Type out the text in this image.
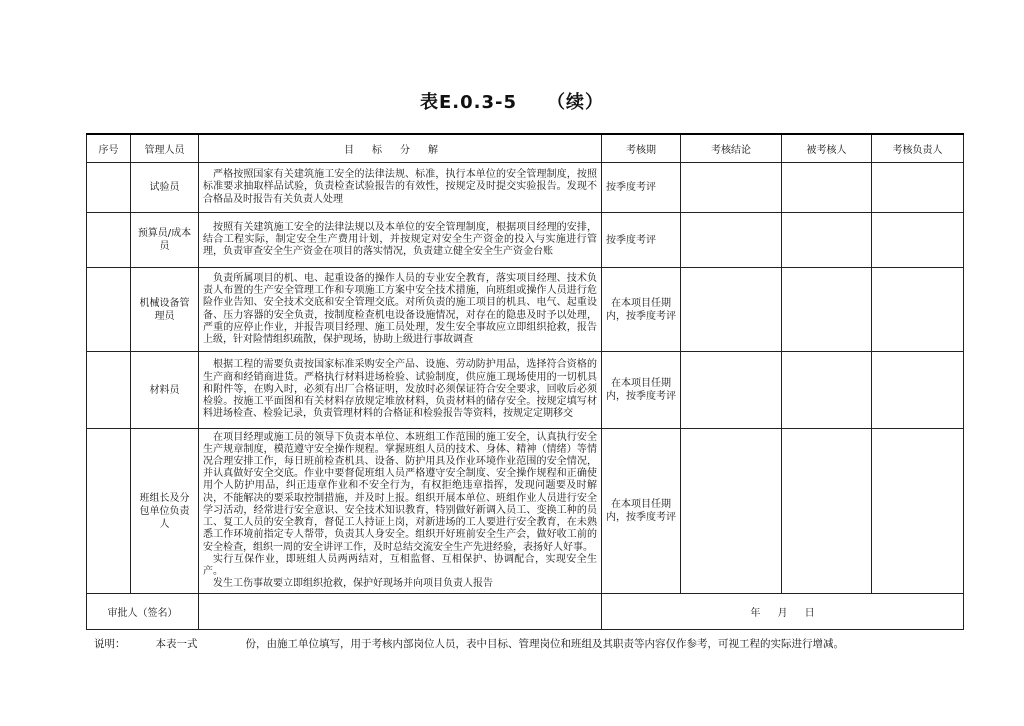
表E.0.3-5 （续）
序号	管理人员	目标分解	考核期	考核结论	被考核人	考核负责人
	试验员	严格按照国家有关建筑施工安全的法律法规、标准，执行本单位的安全管理制度，按照标准要求抽取样品试验，负责检查试验报告的有效性，按规定及时提交实验报告。发现不合格品及时报告有关负责人处理	按季度考评			
	预算员/成本员	按照有关建筑施工安全的法律法规以及本单位的安全管理制度，根据项目经理的安排，结合工程实际，制定安全生产费用计划，并按规定对安全生产资金的投入与实施进行管理，负责审查安全生产资金在项目的落实情况，负责建立健全安全生产资金台账	按季度考评			
	机械设备管理员	负责所属项目的机、电、起重设备的操作人员的专业安全教育，落实项目经理、技术负责人布置的生产安全管理工作和专项施工方案中安全技术措施，向班组或操作人员进行危险作业告知、安全技术交底和安全管理交底。对所负责的施工项目的机具、电气、起重设备、压力容器的安全负责，按制度检查机电设备设施情况，对存在的隐患及时予以处理，严重的应停止作业，并报告项目经理、施工员处理，发生安全事故应立即组织抢救，报告上级，针对险情组织疏散，保护现场，协助上级进行事故调查	在本项目任期内，按季度考评			
	材料员	根据工程的需要负责按国家标准采购安全产品、设施、劳动防护用品，选择符合资格的生产商和经销商进货。严格执行材料进场检验、试验制度，供应施工现场使用的一切机具和附件等，在购入时，必须有出厂合格证明，发放时必须保证符合安全要求，回收后必须检验。按施工平面图和有关材料存放规定堆放材料，负责材料的储存安全。按规定填写材料进场检查、检验记录，负责管理材料的合格证和检验报告等资料，按规定定期移交	在本项目任期内，按季度考评			
	班组长及分包单位负责人	在项目经理或施工员的领导下负责本单位、本班组工作范围的施工安全，认真执行安全生产规章制度，模范遵守安全操作规程。掌握班组人员的技术、身体、精神（情绪）等情况合理安排工作，每日班前检查机具、设备、防护用具及作业环境作业范围的安全情况，并认真做好安全交底。作业中要督促班组人员严格遵守安全制度、安全操作规程和正确使用个人防护用品，纠正违章作业和不安全行为，有权拒绝违章指挥，发现问题要及时解决，不能解决的要采取控制措施，并及时上报。组织开展本单位、班组作业人员进行安全学习活动，经常进行安全意识、安全技术知识教育，特别做好新调入员工、变换工种的员工、复工人员的安全教育，督促工人持证上岗，对新进场的工人要进行安全教育，在未熟悉工作环境前指定专人帮带，负责其人身安全。组织开好班前安全生产会，做好收工前的安全检查，组织一周的安全讲评工作，及时总结交流安全生产先进经验，表扬好人好事。

实行互保作业，即班组人员两两结对，互相监督、互相保护、协调配合，实现安全生产。

发生工伤事故要立即组织抢救，保护好现场并向项目负责人报告	在本项目任期内，按季度考评			
审批人（签名）			年 月 日			
说明：	本表一式	份，由施工单位填写，用于考核内部岗位人员，表中目标、管理岗位和班组及其职责等内容仅作参考，可视工程的实际进行增减。
